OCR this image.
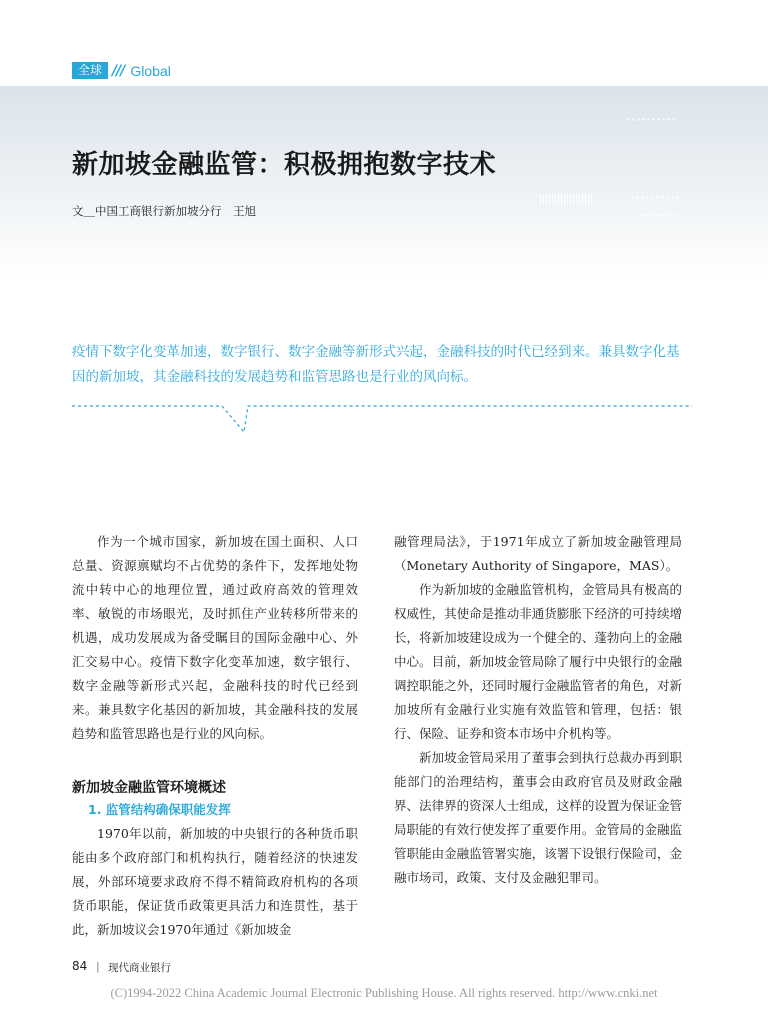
全球 /// Global
新加坡金融监管：积极拥抱数字技术
文＿中国工商银行新加坡分行　王旭
疫情下数字化变革加速，数字银行、数字金融等新形式兴起，金融科技的时代已经到来。兼具数字化基因的新加坡，其金融科技的发展趋势和监管思路也是行业的风向标。

作为一个城市国家，新加坡在国土面积、人口总量、资源禀赋均不占优势的条件下，发挥地处物流中转中心的地理位置，通过政府高效的管理效率、敏锐的市场眼光，及时抓住产业转移所带来的机遇，成功发展成为备受瞩目的国际金融中心、外汇交易中心。疫情下数字化变革加速，数字银行、数字金融等新形式兴起，金融科技的时代已经到来。兼具数字化基因的新加坡，其金融科技的发展趋势和监管思路也是行业的风向标。

新加坡金融监管环境概述
1. 监管结构确保职能发挥

1970年以前，新加坡的中央银行的各种货币职能由多个政府部门和机构执行，随着经济的快速发展，外部环境要求政府不得不精简政府机构的各项货币职能，保证货币政策更具活力和连贯性，基于此，新加坡议会1970年通过《新加坡金

融管理局法》，于1971年成立了新加坡金融管理局（Monetary Authority of Singapore，MAS）。

作为新加坡的金融监管机构，金管局具有极高的权威性，其使命是推动非通货膨胀下经济的可持续增长，将新加坡建设成为一个健全的、蓬勃向上的金融中心。目前，新加坡金管局除了履行中央银行的金融调控职能之外，还同时履行金融监管者的角色，对新加坡所有金融行业实施有效监管和管理，包括：银行、保险、证券和资本市场中介机构等。

新加坡金管局采用了董事会到执行总裁办再到职能部门的治理结构，董事会由政府官员及财政金融界、法律界的资深人士组成，这样的设置为保证金管局职能的有效行使发挥了重要作用。金管局的金融监管职能由金融监管署实施，该署下设银行保险司，金融市场司，政策、支付及金融犯罪司。

84 | 现代商业银行
(C)1994-2022 China Academic Journal Electronic Publishing House. All rights reserved. http://www.cnki.net
